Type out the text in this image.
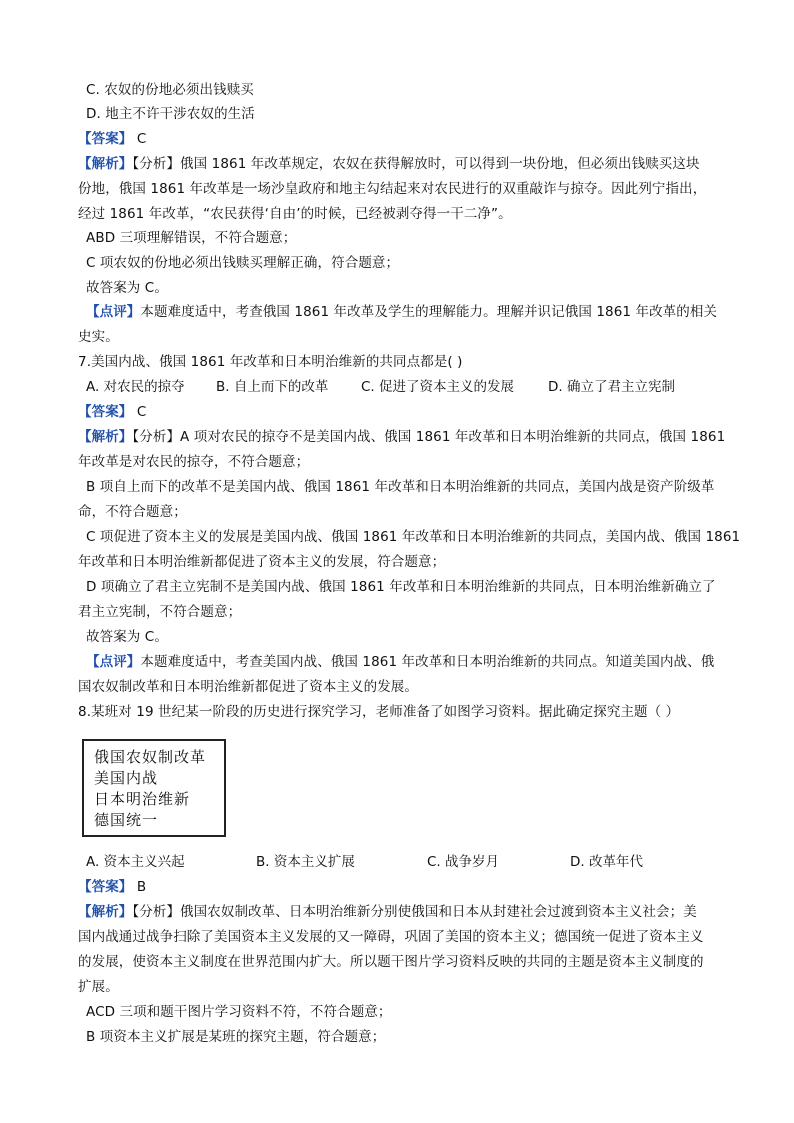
C. 农奴的份地必须出钱赎买
D. 地主不许干涉农奴的生活
【答案】 C
【解析】【分析】俄国 1861 年改革规定，农奴在获得解放时，可以得到一块份地，但必须出钱赎买这块
份地，俄国 1861 年改革是一场沙皇政府和地主勾结起来对农民进行的双重敲诈与掠夺。因此列宁指出，
经过 1861 年改革，“农民获得‘自由’的时候，已经被剥夺得一干二净”。
ABD 三项理解错误，不符合题意；
C 项农奴的份地必须出钱赎买理解正确，符合题意；
故答案为 C。
【点评】本题难度适中，考查俄国 1861 年改革及学生的理解能力。理解并识记俄国 1861 年改革的相关
史实。
7.美国内战、俄国 1861 年改革和日本明治维新的共同点都是( )
A. 对农民的掠夺 B. 自上而下的改革 C. 促进了资本主义的发展	D. 确立了君主立宪制
【答案】 C
【解析】【分析】A 项对农民的掠夺不是美国内战、俄国 1861 年改革和日本明治维新的共同点，俄国 1861
年改革是对农民的掠夺，不符合题意；
B 项自上而下的改革不是美国内战、俄国 1861 年改革和日本明治维新的共同点，美国内战是资产阶级革
命，不符合题意；
C 项促进了资本主义的发展是美国内战、俄国 1861 年改革和日本明治维新的共同点，美国内战、俄国 1861
年改革和日本明治维新都促进了资本主义的发展，符合题意；
D 项确立了君主立宪制不是美国内战、俄国 1861 年改革和日本明治维新的共同点，日本明治维新确立了
君主立宪制，不符合题意；
故答案为 C。
【点评】本题难度适中，考查美国内战、俄国 1861 年改革和日本明治维新的共同点。知道美国内战、俄
国农奴制改革和日本明治维新都促进了资本主义的发展。
8.某班对 19 世纪某一阶段的历史进行探究学习，老师准备了如图学习资料。据此确定探究主题（ ）
俄国农奴制改革
美国内战
日本明治维新
德国统一
A. 资本主义兴起	B. 资本主义扩展	C. 战争岁月	D. 改革年代
【答案】 B
【解析】【分析】俄国农奴制改革、日本明治维新分别使俄国和日本从封建社会过渡到资本主义社会；美
国内战通过战争扫除了美国资本主义发展的又一障碍，巩固了美国的资本主义；德国统一促进了资本主义
的发展，使资本主义制度在世界范围内扩大。所以题干图片学习资料反映的共同的主题是资本主义制度的
扩展。
ACD 三项和题干图片学习资料不符，不符合题意；
B 项资本主义扩展是某班的探究主题，符合题意；
